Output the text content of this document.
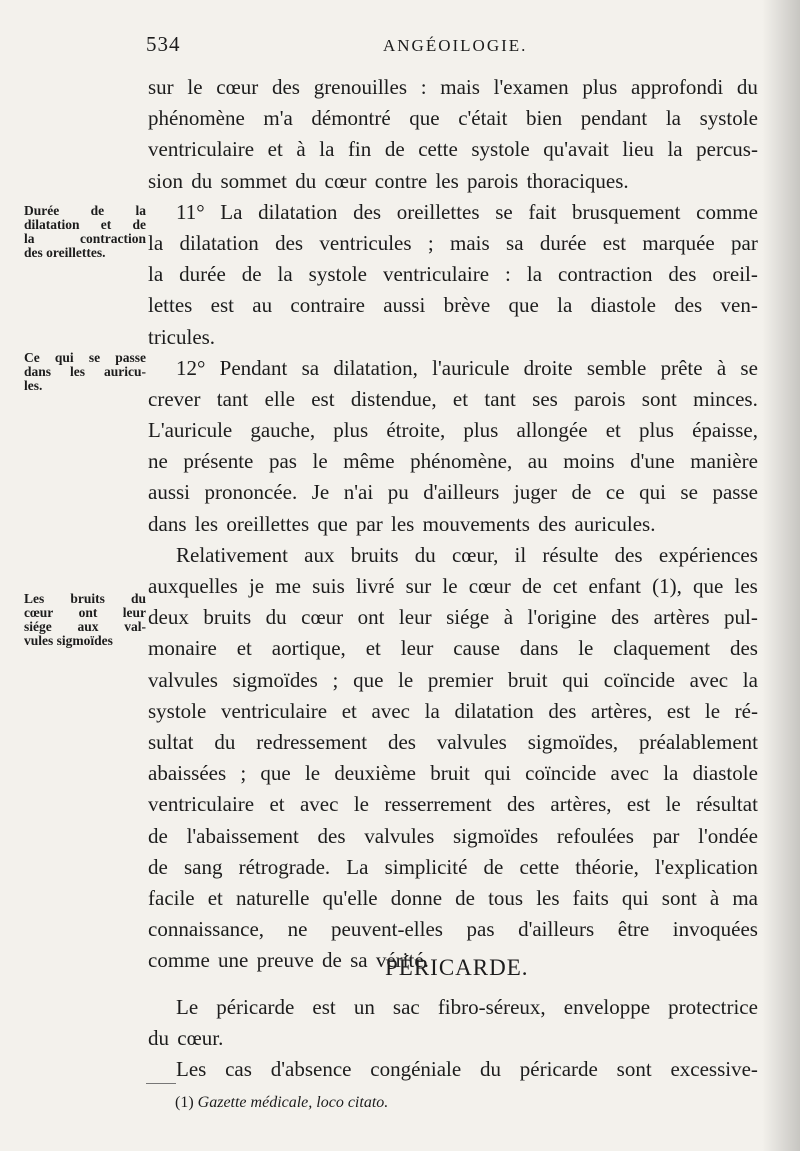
534	ANGÉOILOGIE.
Durée de la
dilatation et de
la	contraction
des oreillettes.
Ce qui se passe
dans les auricu-
les.
Les bruits du
cœur ont leur
siége aux val-
vules sigmoïdes
sur le cœur des grenouilles : mais l'examen plus approfondi du
phénomène m'a démontré que c'était bien pendant la systole
ventriculaire et à la fin de cette systole qu'avait lieu la percus-
sion du sommet du cœur contre les parois thoraciques.
11° La dilatation des oreillettes se fait brusquement comme
la dilatation des ventricules ; mais sa durée est marquée par
la durée de la systole ventriculaire : la contraction des oreil-
lettes est au contraire aussi brève que la diastole des ven-
tricules.
12° Pendant sa dilatation, l'auricule droite semble prête à se
crever tant elle est distendue, et tant ses parois sont minces.
L'auricule gauche, plus étroite, plus allongée et plus épaisse,
ne présente pas le même phénomène, au moins d'une manière
aussi prononcée. Je n'ai pu d'ailleurs juger de ce qui se passe
dans les oreillettes que par les mouvements des auricules.
Relativement aux bruits du cœur, il résulte des expériences
auxquelles je me suis livré sur le cœur de cet enfant (1), que les
deux bruits du cœur ont leur siége à l'origine des artères pul-
monaire et aortique, et leur cause dans le claquement des
valvules sigmoïdes ; que le premier bruit qui coïncide avec la
systole ventriculaire et avec la dilatation des artères, est le ré-
sultat du redressement des valvules sigmoïdes, préalablement
abaissées ; que le deuxième bruit qui coïncide avec la diastole
ventriculaire et avec le resserrement des artères, est le résultat
de l'abaissement des valvules sigmoïdes refoulées par l'ondée
de sang rétrograde. La simplicité de cette théorie, l'explication
facile et naturelle qu'elle donne de tous les faits qui sont à ma
connaissance, ne peuvent-elles pas d'ailleurs être invoquées
comme une preuve de sa vérité.
PÉRICARDE.
Le péricarde est un sac fibro-séreux, enveloppe protectrice
du cœur.
Les cas d'absence congéniale du péricarde sont excessive-
(1) Gazette médicale, loco citato.
